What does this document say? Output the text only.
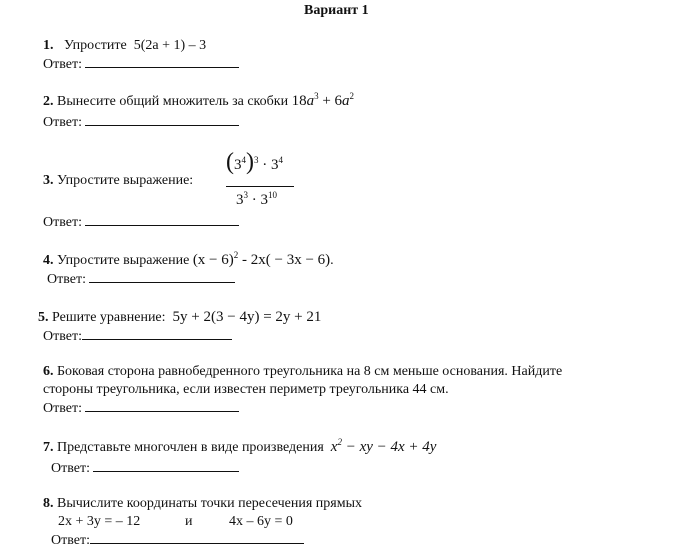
Вариант 1
1. Упростите 5(2a + 1) – 3
Ответ:
2. Вынесите общий множитель за скобки $18a^3 + 6a^2$
Ответ:
3. Упростите выражение:
$(3^4)^3 \cdot 3^4$
$3^3 \cdot 3^{10}$
Ответ:
4. Упростите выражение $(x - 6)^2 - 2x( - 3x - 6)$.
Ответ:
5. Решите уравнение: 5y + 2(3 − 4y) = 2y + 21
Ответ:
6. Боковая сторона равнобедренного треугольника на 8 см меньше основания. Найдите
стороны треугольника, если известен периметр треугольника 44 см.
Ответ:
7. Представьте многочлен в виде произведения $x^2$ − xy − 4x + 4y
Ответ:
8. Вычислите координаты точки пересечения прямых
2x + 3y = – 12	и	4x – 6y = 0
Ответ:
